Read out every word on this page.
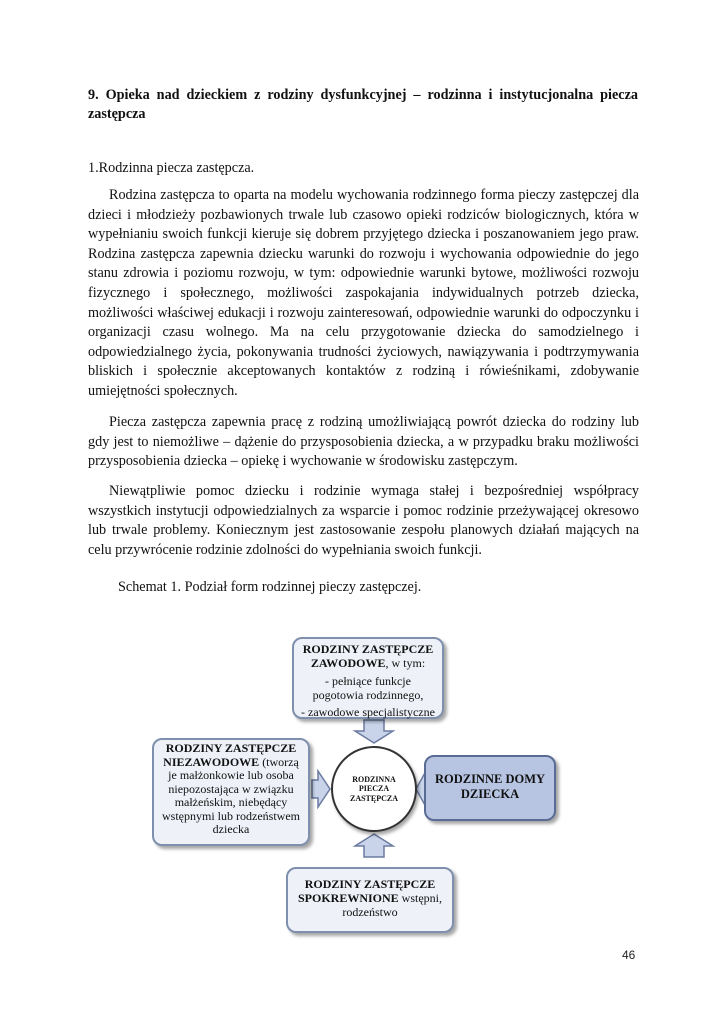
9. Opieka nad dzieckiem z rodziny dysfunkcyjnej – rodzinna i instytucjonalna piecza zastępcza
1.Rodzinna piecza zastępcza.

Rodzina zastępcza to oparta na modelu wychowania rodzinnego forma pieczy zastępczej dla dzieci i młodzieży pozbawionych trwale lub czasowo opieki rodziców biologicznych, która w wypełnianiu swoich funkcji kieruje się dobrem przyjętego dziecka i poszanowaniem jego praw. Rodzina zastępcza zapewnia dziecku warunki do rozwoju i wychowania odpowiednie do jego stanu zdrowia i poziomu rozwoju, w tym: odpowiednie warunki bytowe, możliwości rozwoju fizycznego i społecznego, możliwości zaspokajania indywidualnych potrzeb dziecka, możliwości właściwej edukacji i rozwoju zainteresowań, odpowiednie warunki do odpoczynku i organizacji czasu wolnego. Ma na celu przygotowanie dziecka do samodzielnego i odpowiedzialnego życia, pokonywania trudności życiowych, nawiązywania i podtrzymywania bliskich i społecznie akceptowanych kontaktów z rodziną i rówieśnikami, zdobywanie umiejętności społecznych.

Piecza zastępcza zapewnia pracę z rodziną umożliwiającą powrót dziecka do rodziny lub gdy jest to niemożliwe – dążenie do przysposobienia dziecka, a w przypadku braku możliwości przysposobienia dziecka – opiekę i wychowanie w środowisku zastępczym.

Niewątpliwie pomoc dziecku i rodzinie wymaga stałej i bezpośredniej współpracy wszystkich instytucji odpowiedzialnych za wsparcie i pomoc rodzinie przeżywającej okresowo lub trwale problemy. Koniecznym jest zastosowanie zespołu planowych działań mających na celu przywrócenie rodzinie zdolności do wypełniania swoich funkcji.

Schemat 1. Podział form rodzinnej pieczy zastępczej.
RODZINY ZASTĘPCZE
ZAWODOWE, w tym:
- pełniące funkcje
pogotowia rodzinnego,
- zawodowe specjalistyczne
RODZINY ZASTĘPCZE
NIEZAWODOWE (tworzą
je małżonkowie lub osoba
niepozostająca w związku
małżeńskim, niebędący
wstępnymi lub rodzeństwem
dziecka
RODZINNA
PIECZA
ZASTĘPCZA
RODZINNE DOMY
DZIECKA
RODZINY ZASTĘPCZE
SPOKREWNIONE wstępni,
rodzeństwo
46
